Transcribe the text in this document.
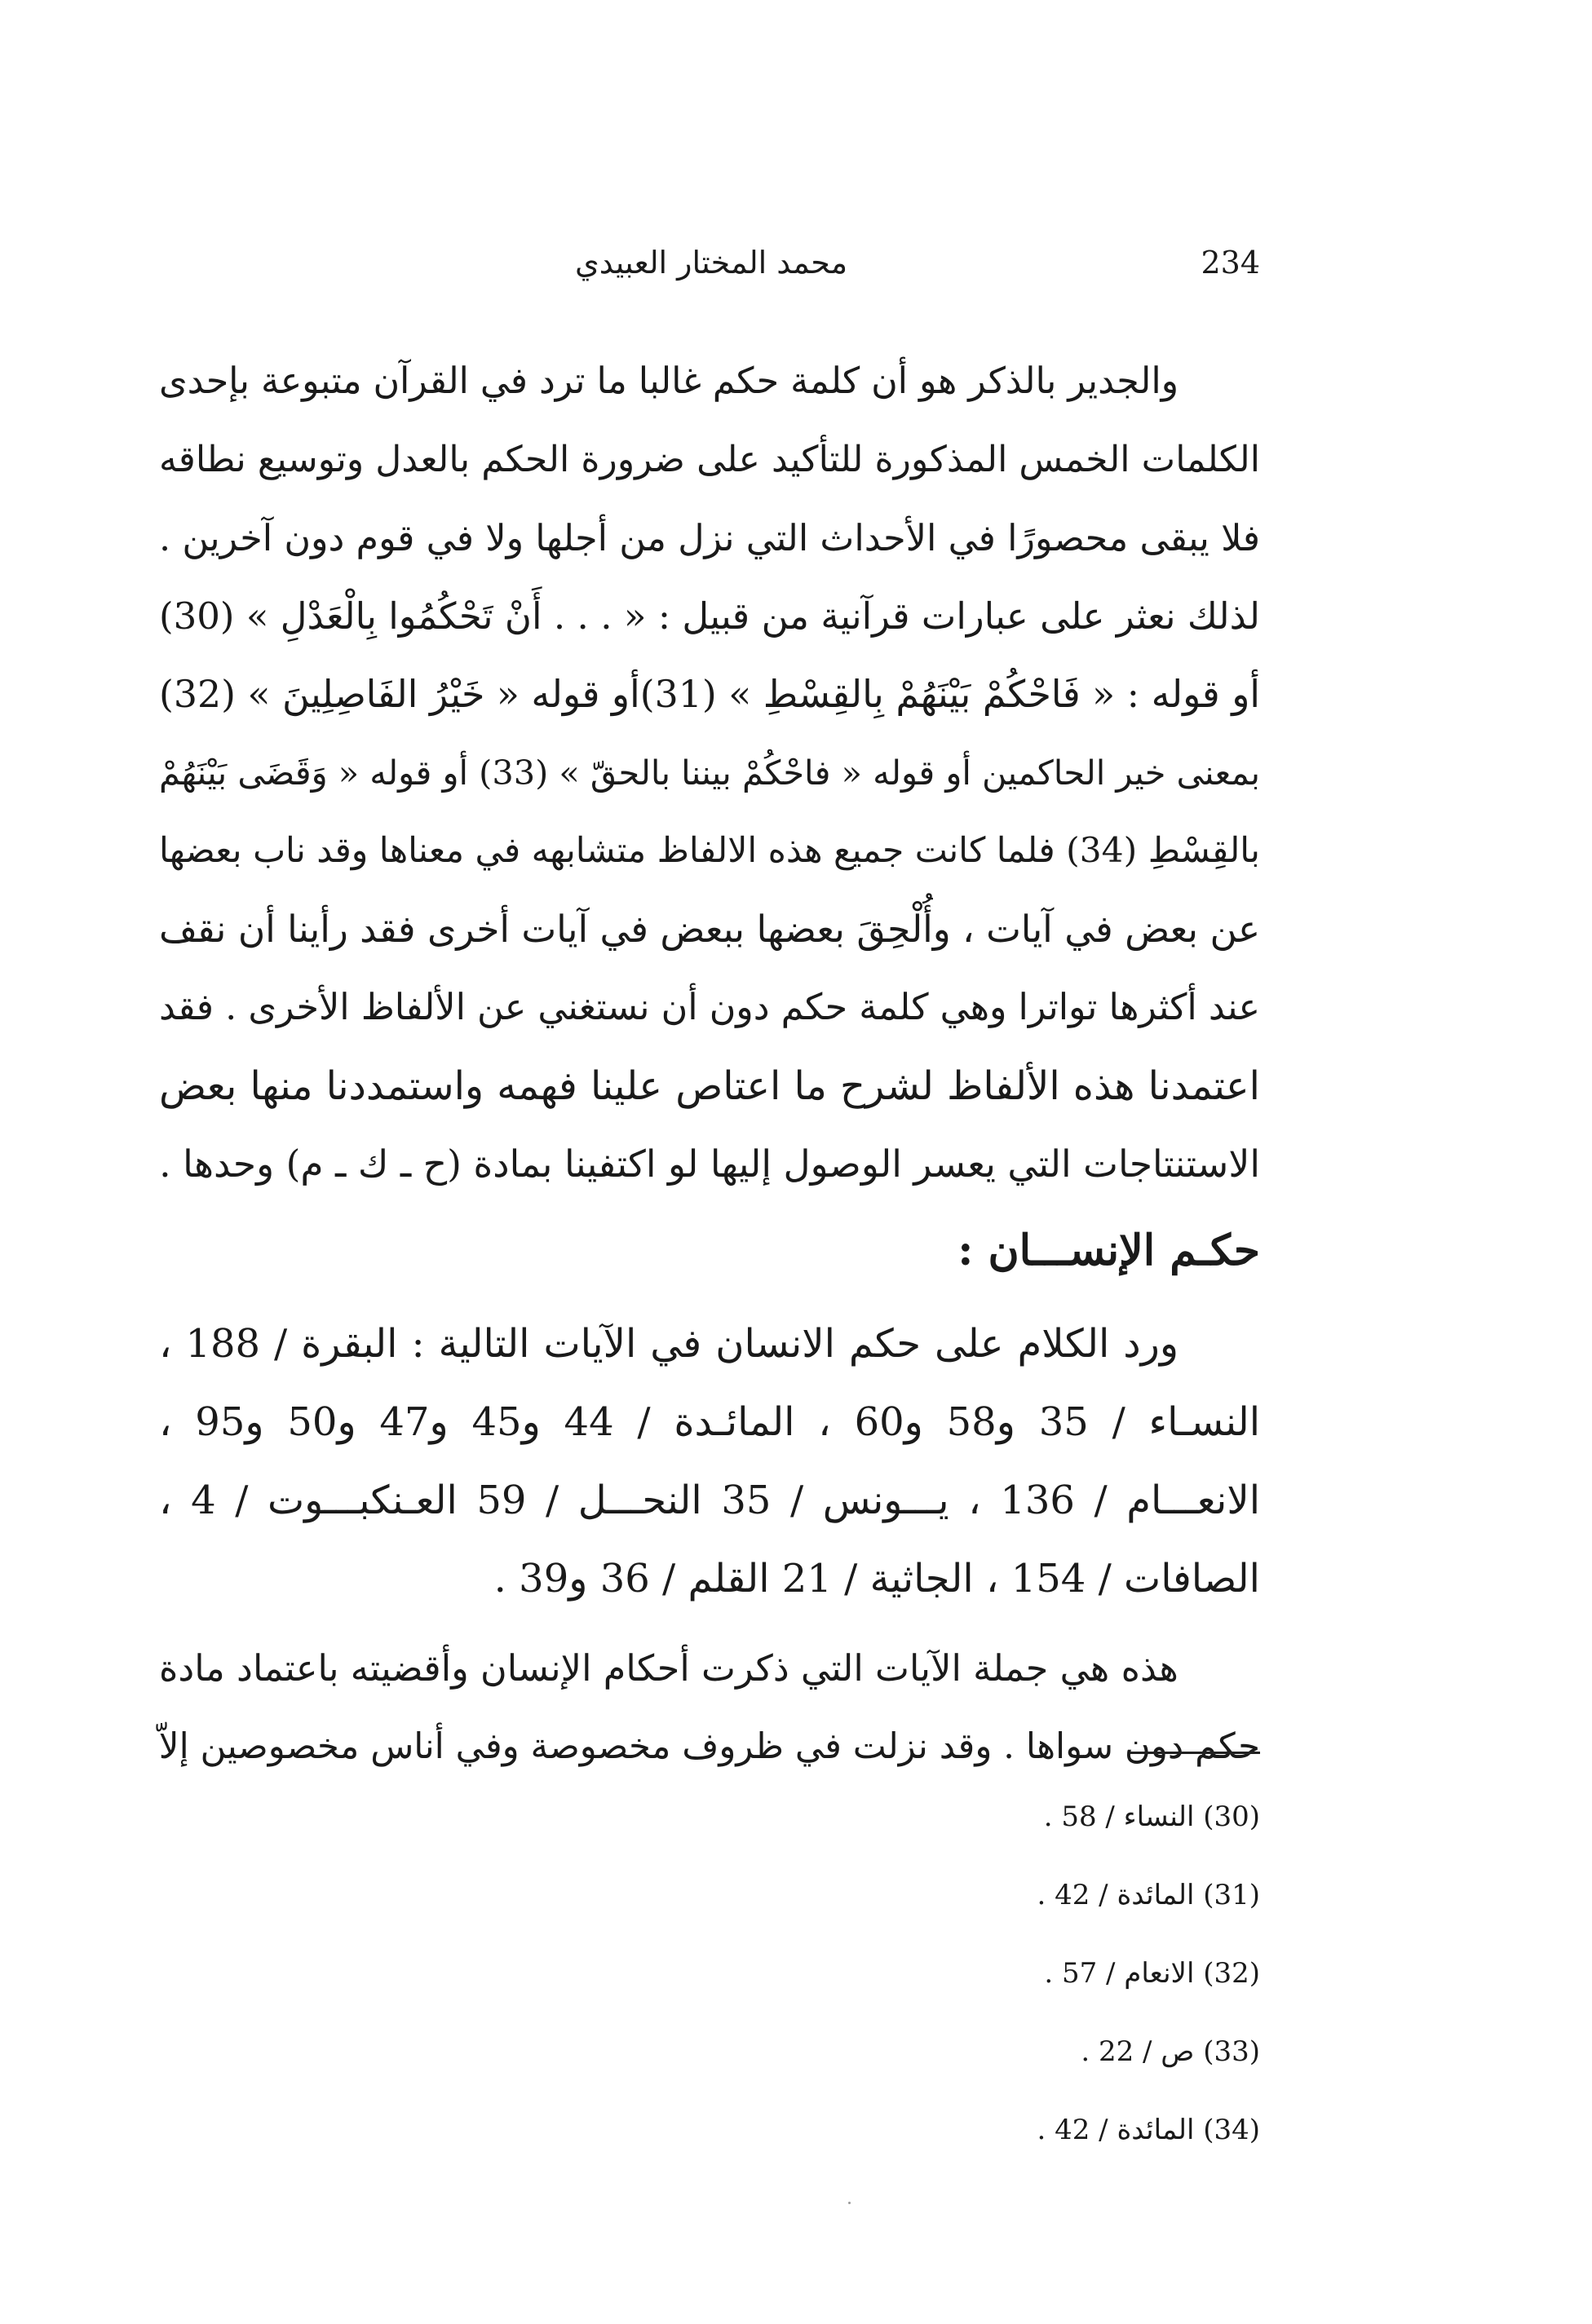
234
محمد المختار العبيدي

والجدير بالذكر هو أن كلمة حكم غالبا ما ترد في القرآن متبوعة بإحدى
الكلمات الخمس المذكورة للتأكيد على ضرورة الحكم بالعدل وتوسيع نطاقه
فلا يبقى محصورًا في الأحداث التي نزل من أجلها ولا في قوم دون آخرين .
لذلك نعثر على عبارات قرآنية من قبيل : « . . . أَنْ تَحْكُمُوا بِالْعَدْلِ » (30)
أو قوله : « فَاحْكُمْ بَيْنَهُمْ بِالقِسْطِ » (31)أو قوله « خَيْرُ الفَاصِلِينَ » (32)
بمعنى خير الحاكمين أو قوله « فاحْكُمْ بيننا بالحقّ » (33) أو قوله « وَقَضَى بَيْنَهُمْ
بالقِسْطِ (34) فلما كانت جميع هذه الالفاظ متشابهه في معناها وقد ناب بعضها
عن بعض في آيات ، وأُلْحِقَ بعضها ببعض في آيات أخرى فقد رأينا أن نقف
عند أكثرها تواترا وهي كلمة حكم دون أن نستغني عن الألفاظ الأخرى . فقد
اعتمدنا هذه الألفاظ لشرح ما اعتاص علينا فهمه واستمددنا منها بعض
الاستنتاجات التي يعسر الوصول إليها لو اكتفينا بمادة (ح ـ ك ـ م) وحدها .

حكـم الإنســـان :

ورد الكلام على حكم الانسان في الآيات التالية : البقرة / 188 ،
النسـاء / 35 و58 و60 ، المائـدة / 44 و45 و47 و50 و95 ،
الانعـــام / 136 ، يـــونس / 35 النحـــل / 59 العـنكبـــوت / 4 ،
الصافات / 154 ، الجاثية / 21 القلم / 36 و39 .

هذه هي جملة الآيات التي ذكرت أحكام الإنسان وأقضيته باعتماد مادة
حكم دون سواها . وقد نزلت في ظروف مخصوصة وفي أناس مخصوصين إلاّ

(30) النساء / 58 .
(31) المائدة / 42 .
(32) الانعام / 57 .
(33) ص / 22 .
(34) المائدة / 42 .
